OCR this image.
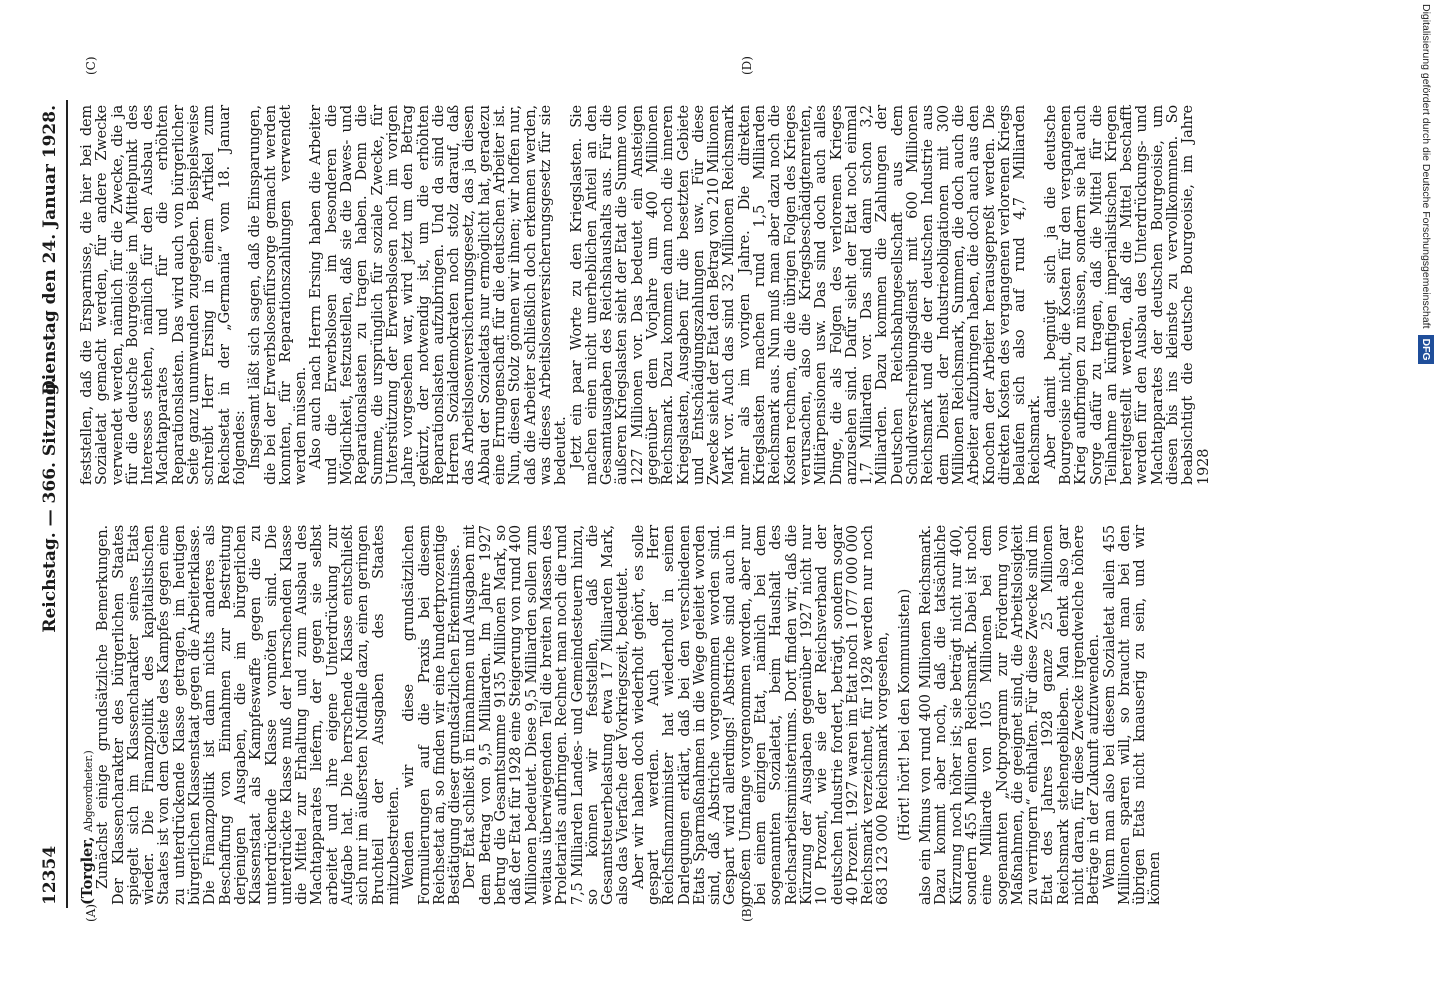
12354
Reichstag. — 366. Sitzung.
Dienstag den 24. Januar 1928.
(A)	(B)
(C)	(D)

(Torgler, Abgeordneter.) Zunächst einige grundsätzliche Bemerkungen. Der Klassencharakter des bürgerlichen Staates spiegelt sich im Klassencharakter seines Etats wieder. Die Finanzpolitik des kapitalistischen Staates ist von dem Geiste des Kampfes gegen eine zu unterdrückende Klasse getragen, im heutigen bürgerlichen Klassenstaat gegen die Arbeiterklasse. Die Finanzpolitik ist dann nichts anderes als Beschaffung von Einnahmen zur Bestreitung derjenigen Ausgaben, die im bürgerlichen Klassenstaat als Kampfeswaffe gegen die zu unterdrückende Klasse vonnöten sind. Die unterdrückte Klasse muß der herrschenden Klasse die Mittel zur Erhaltung und zum Ausbau des Machtapparates liefern, der gegen sie selbst arbeitet und ihre eigene Unterdrückung zur Aufgabe hat. Die herrschende Klasse entschließt sich nur im äußersten Notfalle dazu, einen geringen Bruchteil der Ausgaben des Staates mitzubestreiten. Wenden wir diese grundsätzlichen Formulierungen auf die Praxis bei diesem Reichsetat an, so finden wir eine hundertprozentige Bestätigung dieser grundsätzlichen Erkenntnisse. Der Etat schließt in Einnahmen und Ausgaben mit dem Betrag von 9,5 Milliarden. Im Jahre 1927 betrug die Gesamtsumme 9135 Millionen Mark, so daß der Etat für 1928 eine Steigerung von rund 400 Millionen bedeutet. Diese 9,5 Milliarden sollen zum weitaus überwiegenden Teil die breiten Massen des Proletariats aufbringen. Rechnet man noch die rund 7,5 Milliarden Landes- und Gemeindesteuern hinzu, so können wir feststellen, daß die Gesamtsteuerbelastung etwa 17 Milliarden Mark, also das Vierfache der Vorkriegszeit, bedeutet. Aber wir haben doch wiederholt gehört, es solle gespart werden. Auch der Herr Reichsfinanzminister hat wiederholt in seinen Darlegungen erklärt, daß bei den verschiedenen Etats Sparmaßnahmen in die Wege geleitet worden sind, daß Abstriche vorgenommen worden sind. Gespart wird allerdings! Abstriche sind auch in großem Umfange vorgenommen worden, aber nur bei einem einzigen Etat, nämlich bei dem sogenannten Sozialetat, beim Haushalt des Reichsarbeitsministeriums. Dort finden wir, daß die Kürzung der Ausgaben gegenüber 1927 nicht nur 10 Prozent, wie sie der Reichsverband der deutschen Industrie fordert, beträgt, sondern sogar 40 Prozent. 1927 waren im Etat noch 1 077 000 000 Reichsmark verzeichnet, für 1928 werden nur noch 683 123 000 Reichsmark vorgesehen, (Hört! hört! bei den Kommunisten) also ein Minus von rund 400 Millionen Reichsmark. Dazu kommt aber noch, daß die tatsächliche Kürzung noch höher ist; sie beträgt nicht nur 400, sondern 455 Millionen Reichsmark. Dabei ist noch eine Milliarde von 105 Millionen bei dem sogenannten „Notprogramm zur Förderung von Maßnahmen, die geeignet sind, die Arbeitslosigkeit zu verringern“ enthalten. Für diese Zwecke sind im Etat des Jahres 1928 ganze 25 Millionen Reichsmark stehengeblieben. Man denkt also gar nicht daran, für diese Zwecke irgendwelche höhere Beträge in der Zukunft aufzuwenden. Wenn man also bei diesem Sozialetat allein 455 Millionen sparen will, so braucht man bei den übrigen Etats nicht knauserig zu sein, und wir können

feststellen, daß die Ersparnisse, die hier bei dem Sozialetat gemacht werden, für andere Zwecke verwendet werden, nämlich für die Zwecke, die ja für die deutsche Bourgeoisie im Mittelpunkt des Interesses stehen, nämlich für den Ausbau des Machtapparates und für die erhöhten Reparationslasten. Das wird auch von bürgerlicher Seite ganz unumwunden zugegeben. Beispielsweise schreibt Herr Ersing in einem Artikel zum Reichsetat in der „Germania“ vom 18. Januar folgendes: Insgesamt läßt sich sagen, daß die Einsparungen, die bei der Erwerbslosenfürsorge gemacht werden konnten, für Reparationszahlungen verwendet werden müssen. Also auch nach Herrn Ersing haben die Arbeiter und die Erwerbslosen im besonderen die Möglichkeit, festzustellen, daß sie die Dawes- und Reparationslasten zu tragen haben. Denn die Summe, die ursprünglich für soziale Zwecke, für Unterstützung der Erwerbslosen noch im vorigen Jahre vorgesehen war, wird jetzt um den Betrag gekürzt, der notwendig ist, um die erhöhten Reparationslasten aufzubringen. Und da sind die Herren Sozialdemokraten noch stolz darauf, daß das Arbeitslosenversicherungsgesetz, das ja diesen Abbau der Sozialetats nur ermöglicht hat, geradezu eine Errungenschaft für die deutschen Arbeiter ist. Nun, diesen Stolz gönnen wir ihnen; wir hoffen nur, daß die Arbeiter schließlich doch erkennen werden, was dieses Arbeitslosenversicherungsgesetz für sie bedeutet. Jetzt ein paar Worte zu den Kriegslasten. Sie machen einen nicht unerheblichen Anteil an den Gesamtausgaben des Reichshaushalts aus. Für die äußeren Kriegslasten sieht der Etat die Summe von 1227 Millionen vor. Das bedeutet ein Ansteigen gegenüber dem Vorjahre um 400 Millionen Reichsmark. Dazu kommen dann noch die inneren Kriegslasten, Ausgaben für die besetzten Gebiete und Entschädigungszahlungen usw. Für diese Zwecke sieht der Etat den Betrag von 210 Millionen Mark vor. Auch das sind 32 Millionen Reichsmark mehr als im vorigen Jahre. Die direkten Kriegslasten machen rund 1,5 Milliarden Reichsmark aus. Nun muß man aber dazu noch die Kosten rechnen, die die übrigen Folgen des Krieges verursachen, also die Kriegsbeschädigtenrenten, Militärpensionen usw. Das sind doch auch alles Dinge, die als Folgen des verlorenen Krieges anzusehen sind. Dafür sieht der Etat noch einmal 1,7 Milliarden vor. Das sind dann schon 3,2 Milliarden. Dazu kommen die Zahlungen der Deutschen Reichsbahngesellschaft aus dem Schuldverschreibungsdienst mit 600 Millionen Reichsmark und die der deutschen Industrie aus dem Dienst der Industrieobligationen mit 300 Millionen Reichsmark, Summen, die doch auch die Arbeiter aufzubringen haben, die doch auch aus den Knochen der Arbeiter herausgepreßt werden. Die direkten Kosten des vergangenen verlorenen Kriegs belaufen sich also auf rund 4,7 Milliarden Reichsmark. Aber damit begnügt sich ja die deutsche Bourgeoisie nicht, die Kosten für den vergangenen Krieg aufbringen zu müssen, sondern sie hat auch Sorge dafür zu tragen, daß die Mittel für die Teilnahme an künftigen imperialistischen Kriegen bereitgestellt werden, daß die Mittel beschafft werden für den Ausbau des Unterdrückungs- und Machtapparates der deutschen Bourgeoisie, um diesen bis ins kleinste zu vervollkommnen. So beabsichtigt die deutsche Bourgeoisie, im Jahre 1928

Digitalisierung gefördert durch die Deutsche Forschungsgemeinschaft DFG
